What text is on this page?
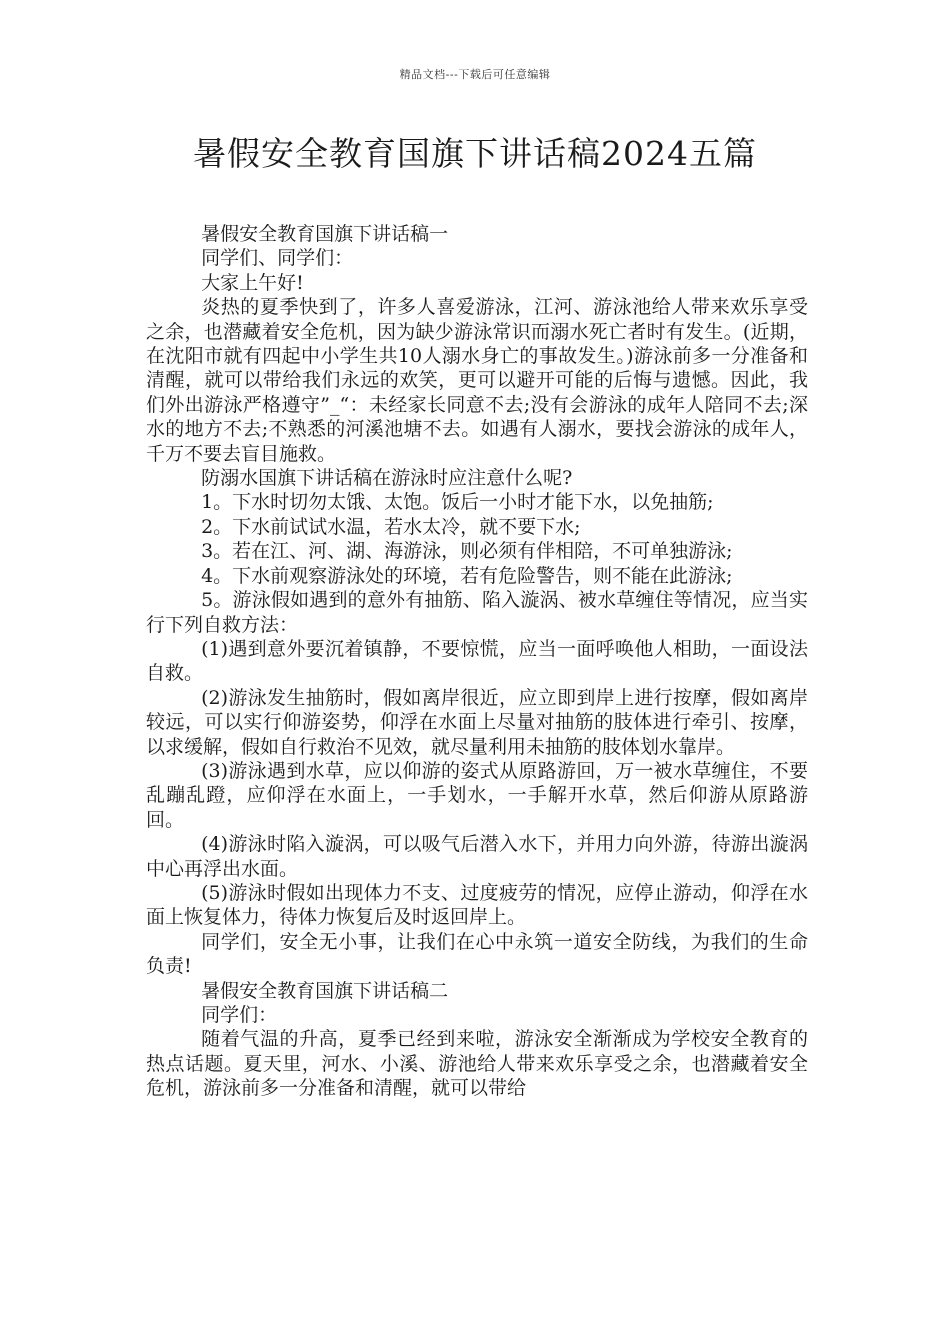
精品文档---下载后可任意编辑
暑假安全教育国旗下讲话稿2024五篇

暑假安全教育国旗下讲话稿一

同学们、同学们：

大家上午好!

炎热的夏季快到了，许多人喜爱游泳，江河、游泳池给人带来欢乐享受之余，也潜藏着安全危机，因为缺少游泳常识而溺水死亡者时有发生。(近期，在沈阳市就有四起中小学生共10人溺水身亡的事故发生。)游泳前多一分准备和清醒，就可以带给我们永远的欢笑，更可以避开可能的后悔与遗憾。因此，我们外出游泳严格遵守”_“：未经家长同意不去;没有会游泳的成年人陪同不去;深水的地方不去;不熟悉的河溪池塘不去。如遇有人溺水，要找会游泳的成年人，千万不要去盲目施救。

防溺水国旗下讲话稿在游泳时应注意什么呢?

1。下水时切勿太饿、太饱。饭后一小时才能下水，以免抽筋;

2。下水前试试水温，若水太冷，就不要下水;

3。若在江、河、湖、海游泳，则必须有伴相陪，不可单独游泳;

4。下水前观察游泳处的环境，若有危险警告，则不能在此游泳;

5。游泳假如遇到的意外有抽筋、陷入漩涡、被水草缠住等情况，应当实行下列自救方法：

(1)遇到意外要沉着镇静，不要惊慌，应当一面呼唤他人相助，一面设法自救。

(2)游泳发生抽筋时，假如离岸很近，应立即到岸上进行按摩，假如离岸较远，可以实行仰游姿势，仰浮在水面上尽量对抽筋的肢体进行牵引、按摩，以求缓解，假如自行救治不见效，就尽量利用未抽筋的肢体划水靠岸。

(3)游泳遇到水草，应以仰游的姿式从原路游回，万一被水草缠住，不要乱蹦乱蹬，应仰浮在水面上，一手划水，一手解开水草，然后仰游从原路游回。

(4)游泳时陷入漩涡，可以吸气后潜入水下，并用力向外游，待游出漩涡中心再浮出水面。

(5)游泳时假如出现体力不支、过度疲劳的情况，应停止游动，仰浮在水面上恢复体力，待体力恢复后及时返回岸上。

同学们，安全无小事，让我们在心中永筑一道安全防线，为我们的生命负责!

暑假安全教育国旗下讲话稿二

同学们：

随着气温的升高，夏季已经到来啦，游泳安全渐渐成为学校安全教育的热点话题。夏天里，河水、小溪、游池给人带来欢乐享受之余，也潜藏着安全危机，游泳前多一分准备和清醒，就可以带给
